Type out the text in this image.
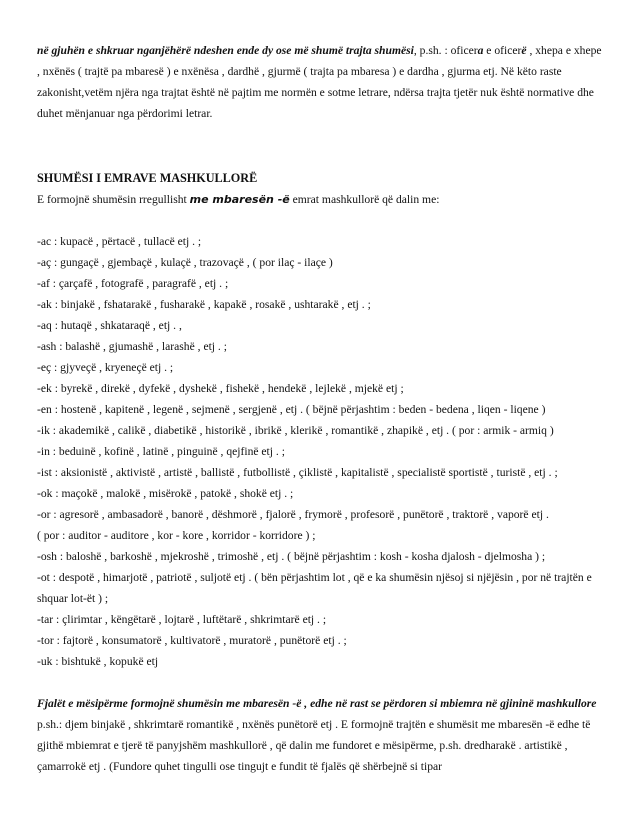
në gjuhën e shkruar nganjëhërë ndeshen ende dy ose më shumë trajta shumësi, p.sh. : oficera e oficerë , xhepa e xhepe , nxënës ( trajtë pa mbaresë ) e nxënësa , dardhë , gjurmë ( trajta pa mbaresa ) e dardha , gjurma etj. Në këto raste zakonisht,vetëm njëra nga trajtat është në pajtim me normën e sotme letrare, ndërsa trajta tjetër nuk është normative dhe duhet mënjanuar nga përdorimi letrar.

SHUMËSI I EMRAVE MASHKULLORË

E formojnë shumësin rregullisht me mbaresën -ë emrat mashkullorë që dalin me:

-ac : kupacë , përtacë , tullacë etj . ;

-aç : gungaçë , gjembaçë , kulaçë , trazovaçë , ( por ilaç - ilaçe )

-af : çarçafë , fotografë , paragrafë , etj . ;

-ak : binjakë , fshatarakë , fusharakë , kapakë , rosakë , ushtarakë , etj . ;

-aq : hutaqë , shkataraqë , etj . ,

-ash : balashë , gjumashë , larashë , etj . ;

-eç : gjyveçë , kryeneçë etj . ;

-ek : byrekë , direkë , dyfekë , dyshekë , fishekë , hendekë , lejlekë , mjekë etj ;

-en : hostenë , kapitenë , legenë , sejmenë , sergjenë , etj . ( bëjnë përjashtim : beden - bedena , liqen - liqene )

-ik : akademikë , calikë , diabetikë , historikë , ibrikë , klerikë , romantikë , zhapikë , etj . ( por : armik - armiq )

-in : beduinë , kofinë , latinë , pinguinë , qejfinë etj . ;

-ist : aksionistë , aktivistë , artistë , ballistë , futbollistë , çiklistë , kapitalistë , specialistë sportistë , turistë , etj . ;

-ok : maçokë , malokë , misërokë , patokë , shokë etj . ;

-or : agresorë , ambasadorë , banorë , dëshmorë , fjalorë , frymorë , profesorë , punëtorë , traktorë , vaporë etj .

( por : auditor - auditore , kor - kore , korridor - korridore ) ;

-osh : baloshë , barkoshë , mjekroshë , trimoshë , etj . ( bëjnë përjashtim : kosh - kosha djalosh - djelmosha ) ;

-ot : despotë , himarjotë , patriotë , suljotë etj . ( bën përjashtim lot , që e ka shumësin njësoj si njëjësin , por në trajtën e shquar lot-ët ) ;

-tar : çlirimtar , këngëtarë , lojtarë , luftëtarë , shkrimtarë etj . ;

-tor : fajtorë , konsumatorë , kultivatorë , muratorë , punëtorë etj . ;

-uk : bishtukë , kopukë etj

Fjalët e mësipërme formojnë shumësin me mbaresën -ë , edhe në rast se përdoren si mbiemra në gjininë mashkullore p.sh.: djem binjakë , shkrimtarë romantikë , nxënës punëtorë etj . E formojnë trajtën e shumësit me mbaresën -ë edhe të gjithë mbiemrat e tjerë të panyjshëm mashkullorë , që dalin me fundoret e mësipërme, p.sh. dredharakë . artistikë , çamarrokë etj . (Fundore quhet tingulli ose tingujt e fundit të fjalës që shërbejnë si tipar
